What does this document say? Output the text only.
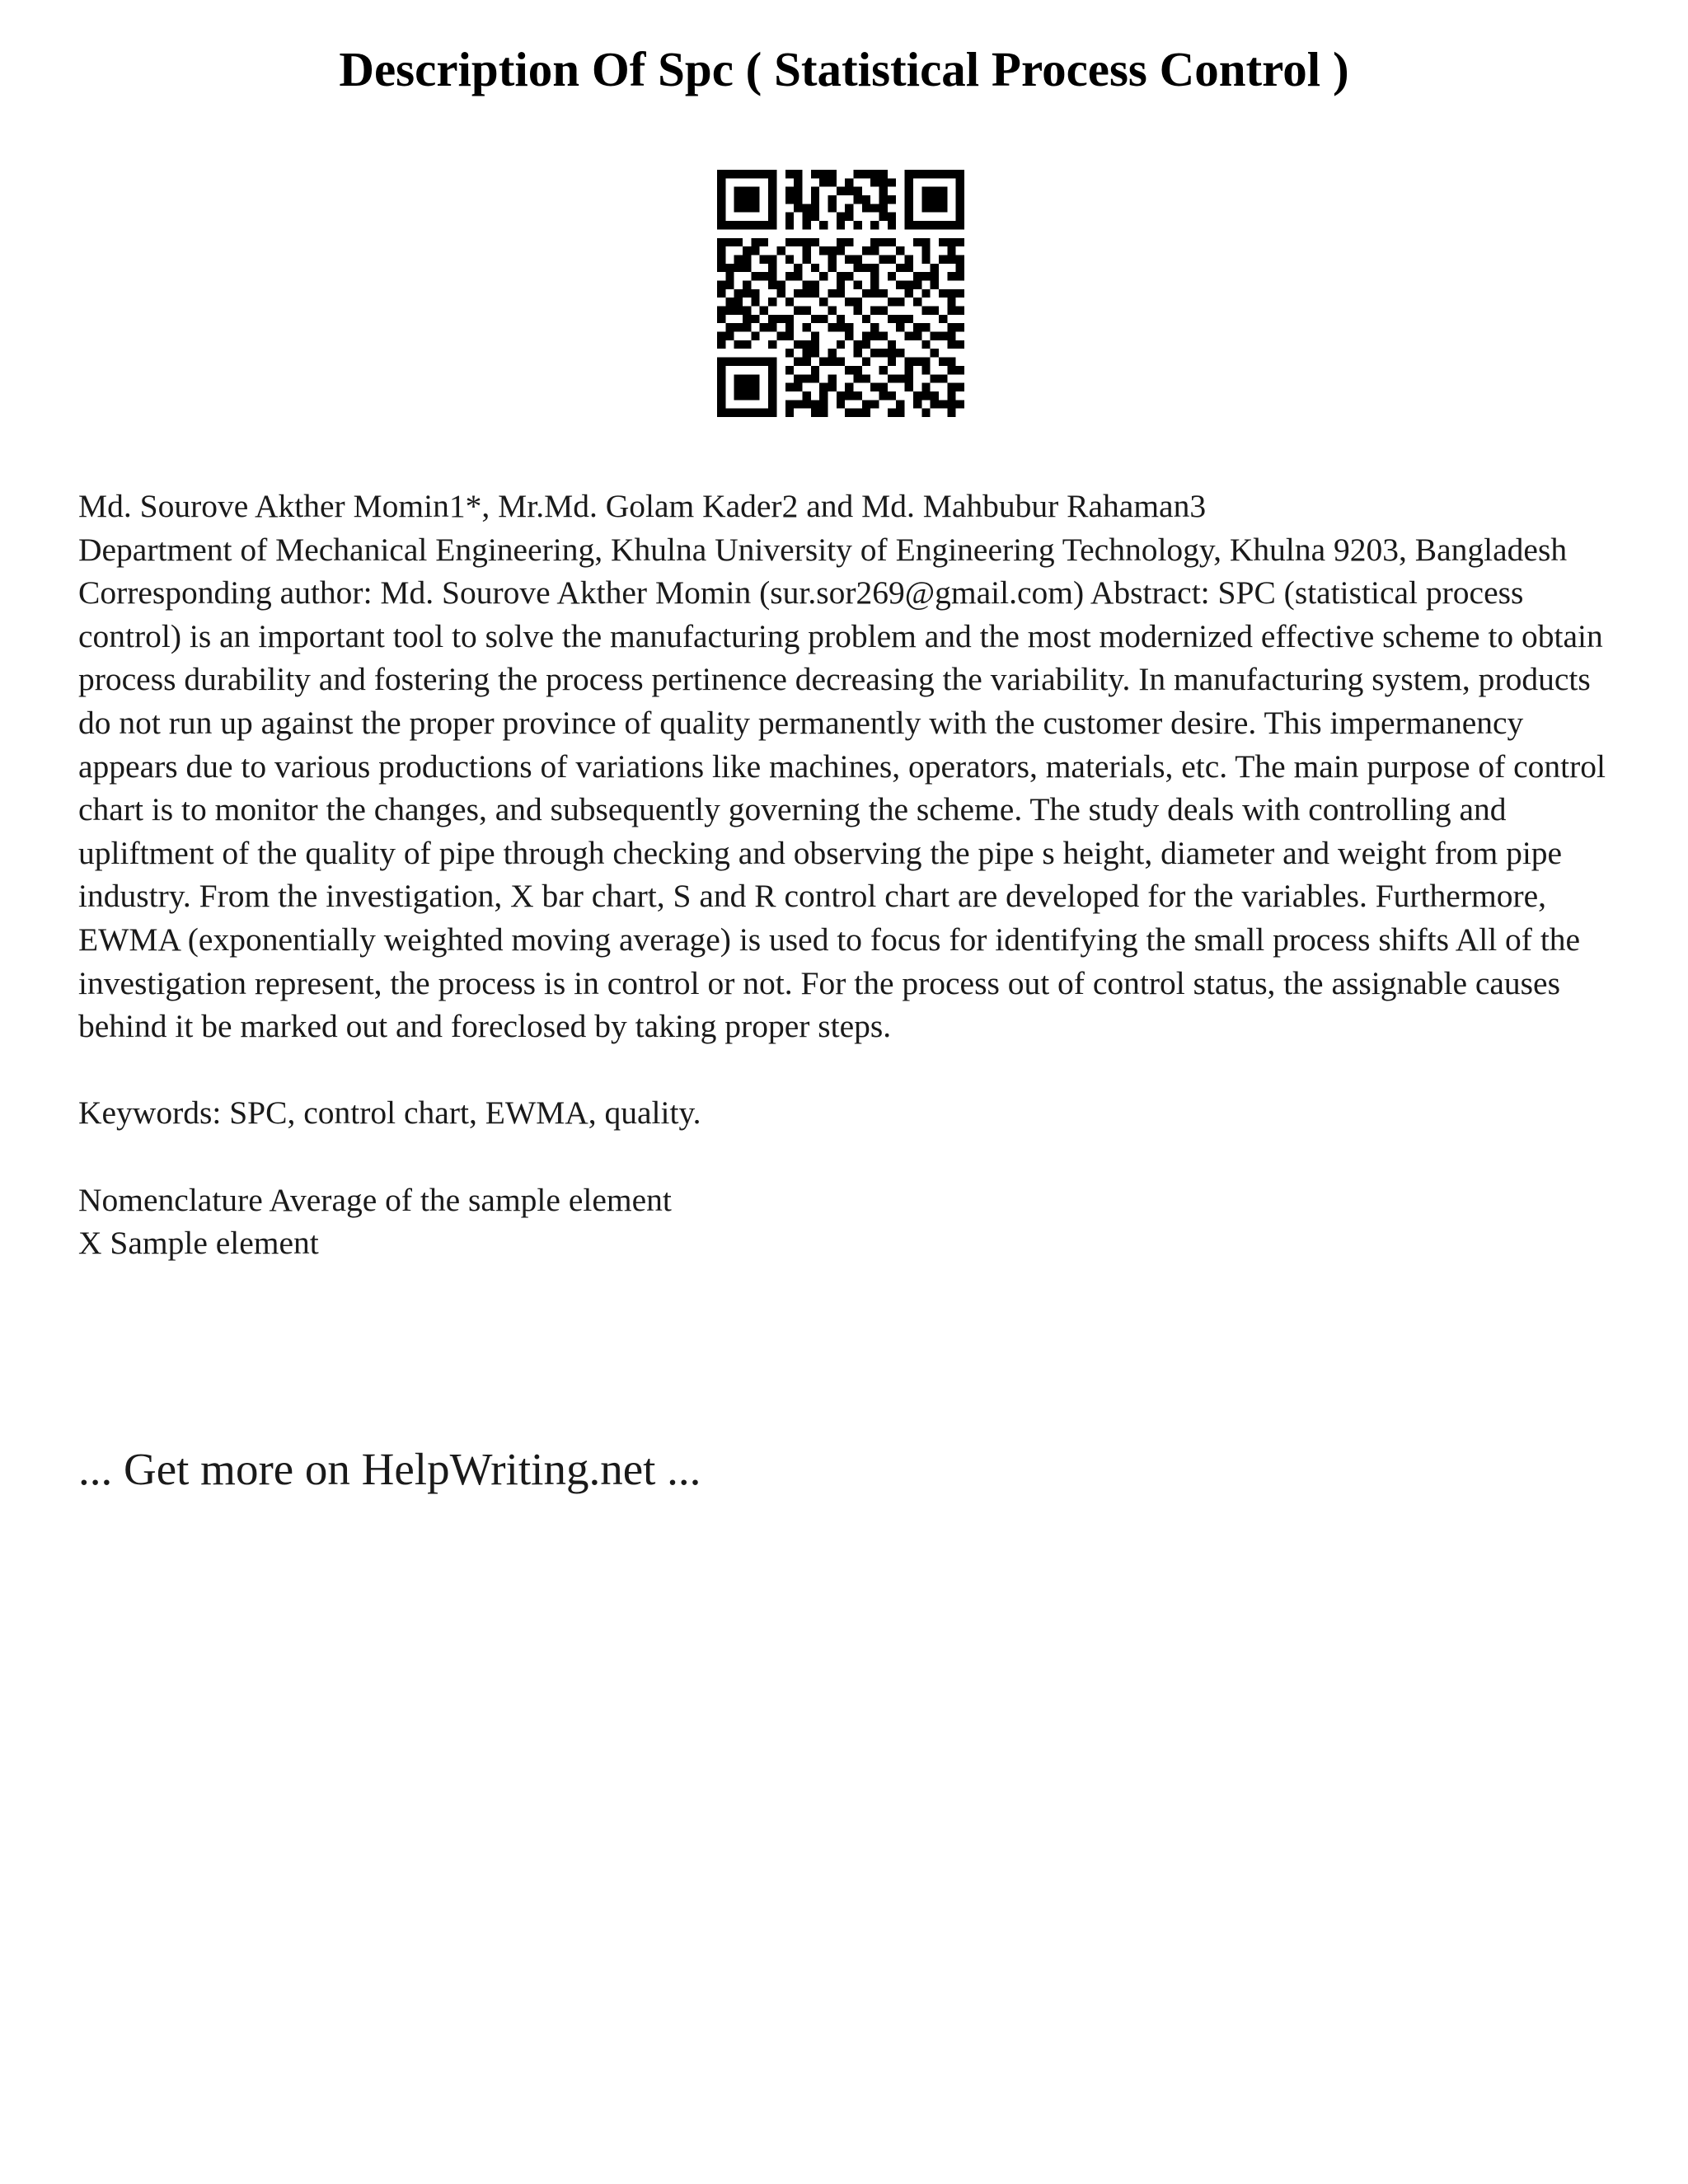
Description Of Spc ( Statistical Process Control )

Md. Sourove Akther Momin1*, Mr.Md. Golam Kader2 and Md. Mahbubur Rahaman3

Department of Mechanical Engineering, Khulna University of Engineering Technology, Khulna 9203, Bangladesh

Corresponding author: Md. Sourove Akther Momin (sur.sor269@gmail.com) Abstract: SPC (statistical process control) is an important tool to solve the manufacturing problem and the most modernized effective scheme to obtain process durability and fostering the process pertinence decreasing the variability. In manufacturing system, products do not run up against the proper province of quality permanently with the customer desire. This impermanency appears due to various productions of variations like machines, operators, materials, etc. The main purpose of control chart is to monitor the changes, and subsequently governing the scheme. The study deals with controlling and upliftment of the quality of pipe through checking and observing the pipe s height, diameter and weight from pipe industry. From the investigation, X bar chart, S and R control chart are developed for the variables. Furthermore, EWMA (exponentially weighted moving average) is used to focus for identifying the small process shifts All of the investigation represent, the process is in control or not. For the process out of control status, the assignable causes behind it be marked out and foreclosed by taking proper steps.

Keywords: SPC, control chart, EWMA, quality.

Nomenclature Average of the sample element

X Sample element

... Get more on HelpWriting.net ...
